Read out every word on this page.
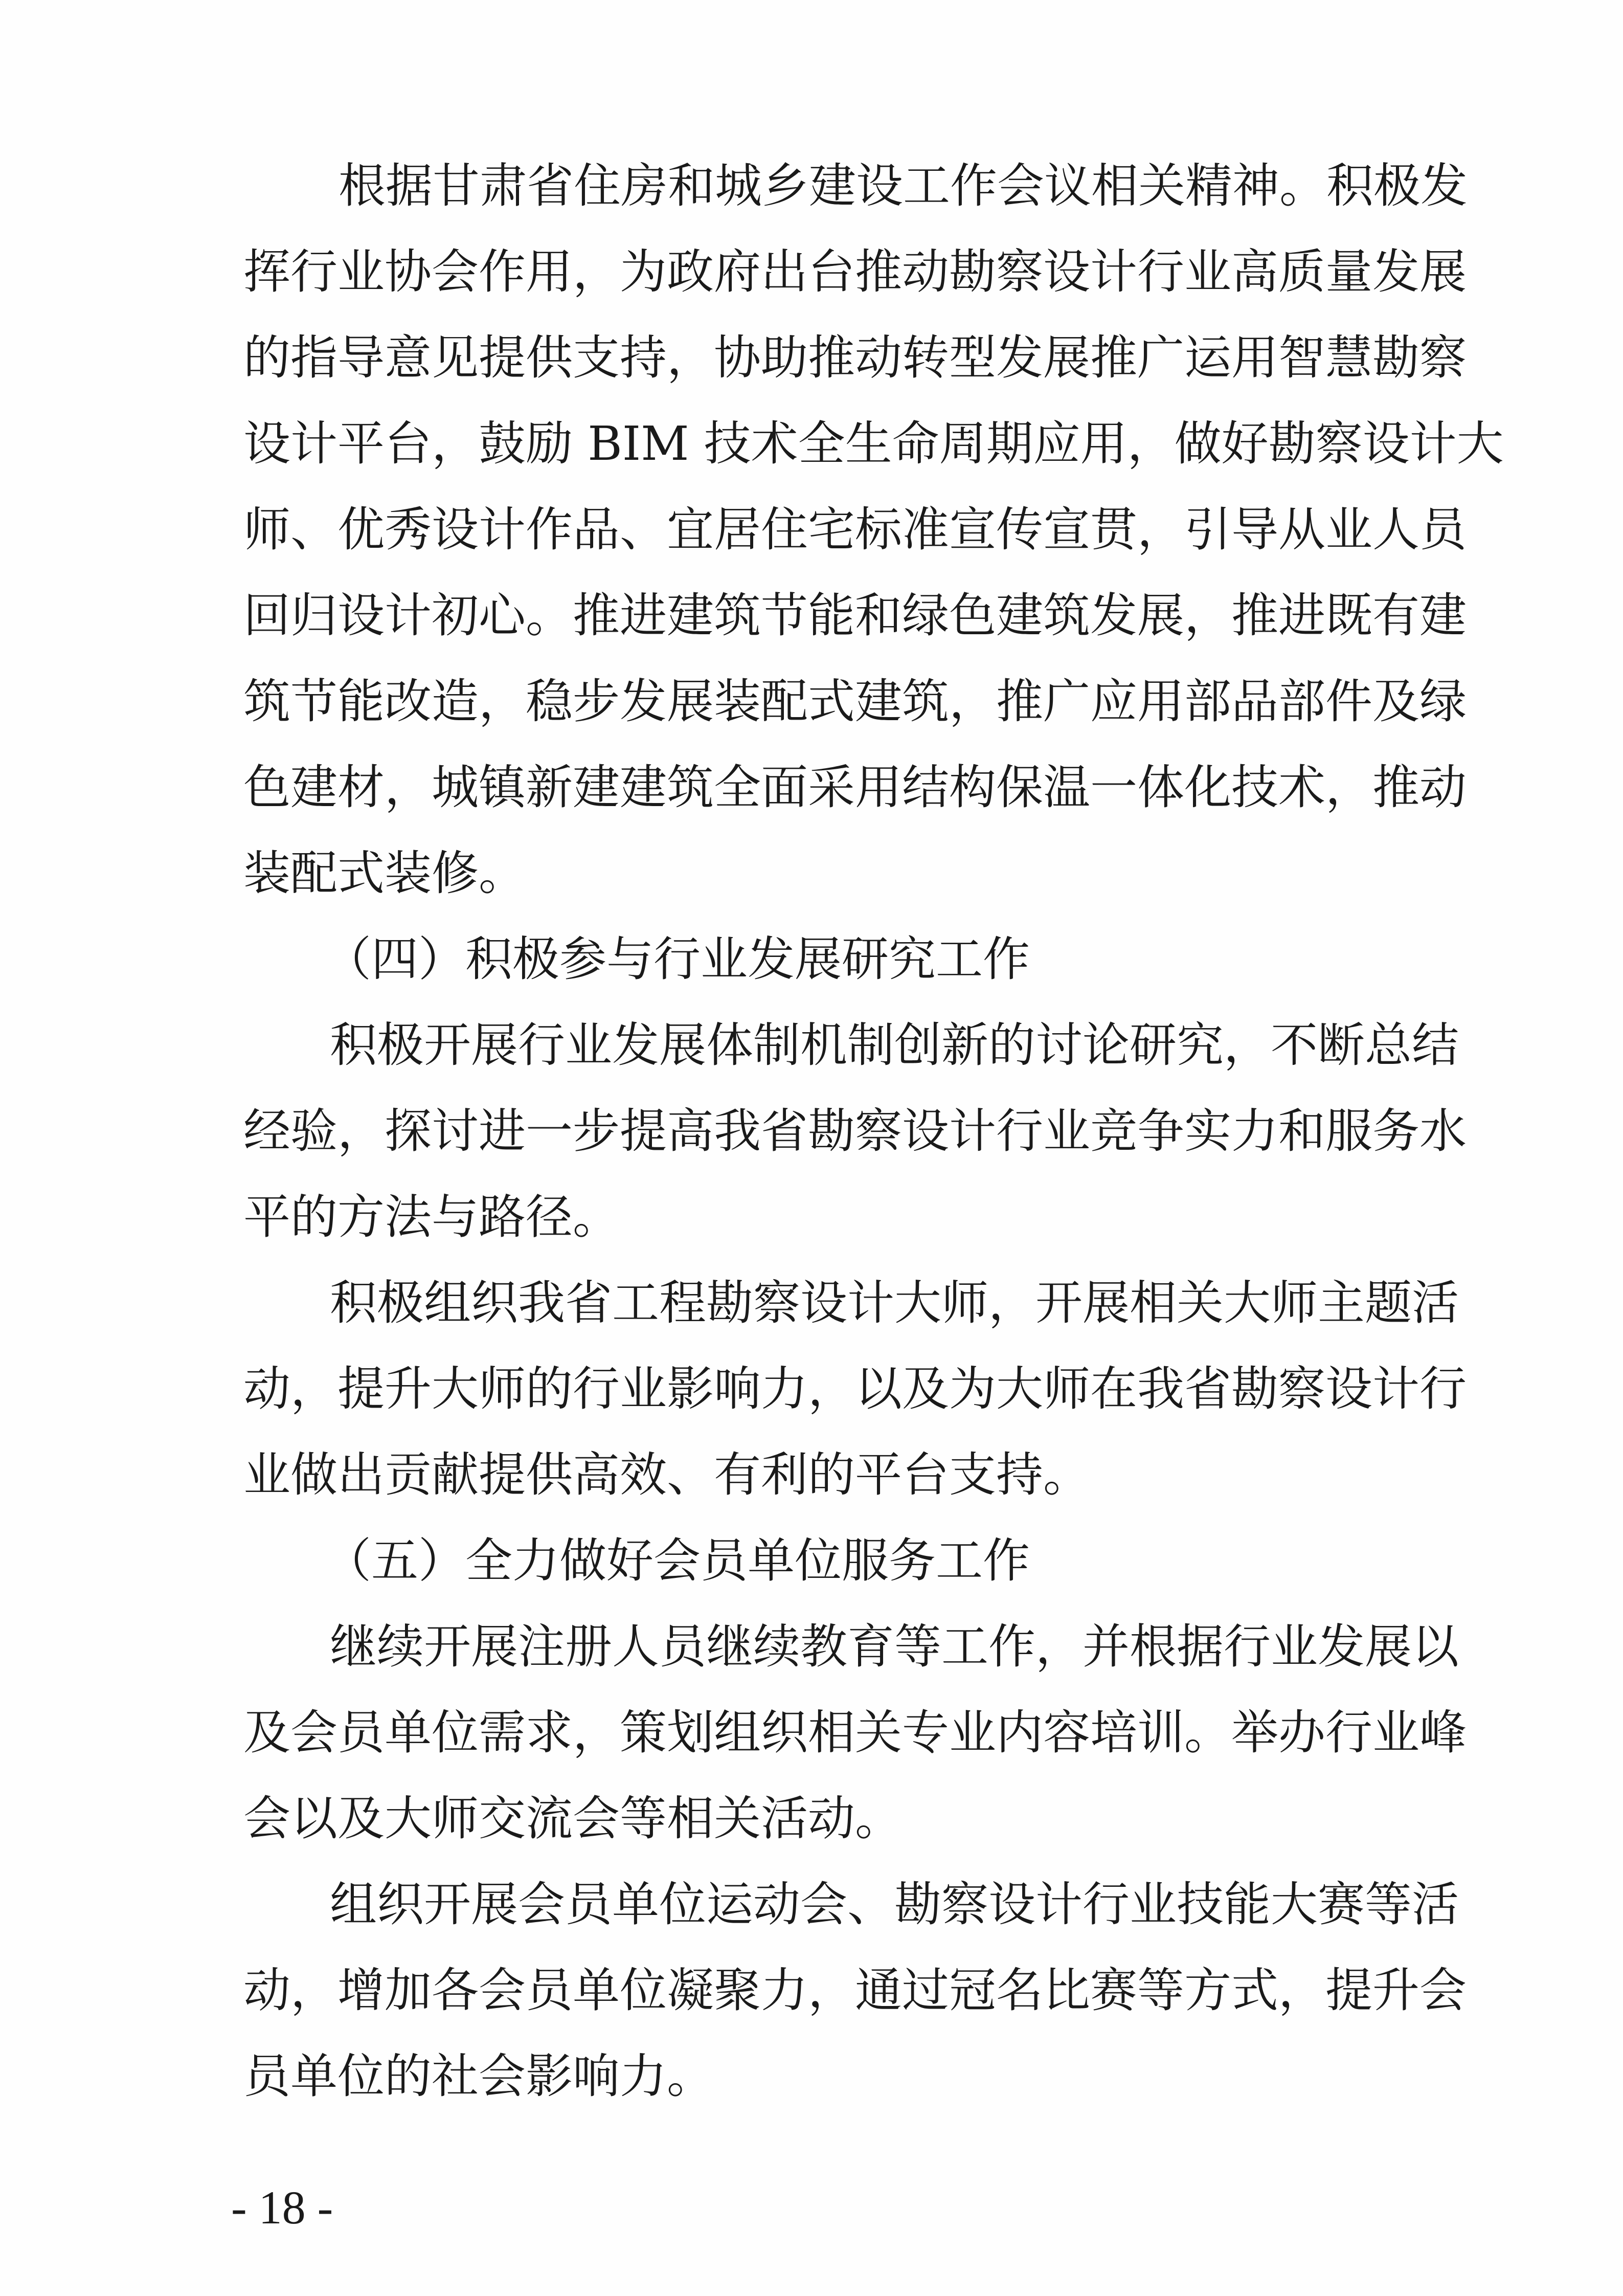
根据甘肃省住房和城乡建设工作会议相关精神。积极发
挥行业协会作用，为政府出台推动勘察设计行业高质量发展
的指导意见提供支持，协助推动转型发展推广运用智慧勘察
设计平台，鼓励 BIM 技术全生命周期应用，做好勘察设计大
师、优秀设计作品、宜居住宅标准宣传宣贯，引导从业人员
回归设计初心。推进建筑节能和绿色建筑发展，推进既有建
筑节能改造，稳步发展装配式建筑，推广应用部品部件及绿
色建材，城镇新建建筑全面采用结构保温一体化技术，推动
装配式装修。
（四）积极参与行业发展研究工作
积极开展行业发展体制机制创新的讨论研究，不断总结
经验，探讨进一步提高我省勘察设计行业竞争实力和服务水
平的方法与路径。
积极组织我省工程勘察设计大师，开展相关大师主题活
动，提升大师的行业影响力，以及为大师在我省勘察设计行
业做出贡献提供高效、有利的平台支持。
（五）全力做好会员单位服务工作
继续开展注册人员继续教育等工作，并根据行业发展以
及会员单位需求，策划组织相关专业内容培训。举办行业峰
会以及大师交流会等相关活动。
组织开展会员单位运动会、勘察设计行业技能大赛等活
动，增加各会员单位凝聚力，通过冠名比赛等方式，提升会
员单位的社会影响力。
- 18 -
